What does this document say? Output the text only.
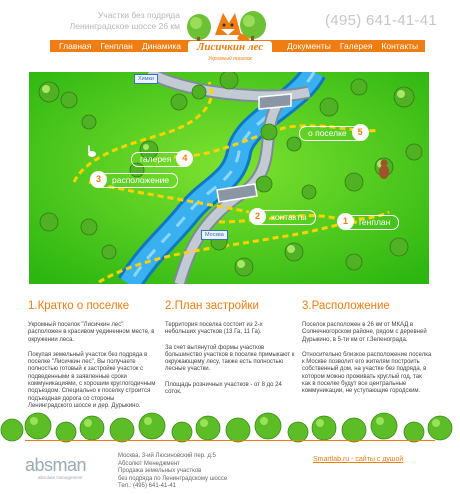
Участки без подряда
Ленинградское шоссе 26 км	(495) 641-41-41
Главная Генплан Динамика	Документы Галерея Контакты
Лисичкин лес
Укромный поселок
Химки
Москва
о поселке	5
галерея	4
3	расположение
2	контакты	1	генплан
1.Кратко о поселке

Укромный поселок "Лисичкин лес" расположен в красивом уединенном месте, в окружении леса.

Покупая земельный участок без подряда в поселке "Лисичкин лес", Вы получаете полностью готовый к застройке участок с подведенными в заявленные сроки коммуникациями, с хорошим круглогодичным подъездом. Специально к поселку строится подъездная дорога со стороны Ленинградского шоссе и дер. Дурыкино.

2.План застройки

Территория поселка состоит из 2-х небольших участков (13 Га, 11 Га).

За счет вытянутой формы участков большинство участков в поселке примыкают к окружающему лесу, также есть полностью лесные участки.

Площадь розничных участков - от 8 до 24 соток.

3.Расположение

Поселок расположен в 26 км от МКАД в Солнечногорском районе, рядом с деревней Дурыкино, в 5-ти км от г.Зеленограда.

Относительно близкое расположение поселка к Москве позволит его жителям построить собственный дом, на участке без подряда, в котором можно проживать круглый год, так как в поселке будут все центральные коммуникации, не уступающие городским.

absman
absolute management
Москва, 3-ий Люсиновский пер. д.5
Абсолют Менеджмент
Продажа земельных участков
без подряда по Ленинградскому шоссе
Тел.: (495) 641-41-41
Smartlab.ru - сайты с душой
